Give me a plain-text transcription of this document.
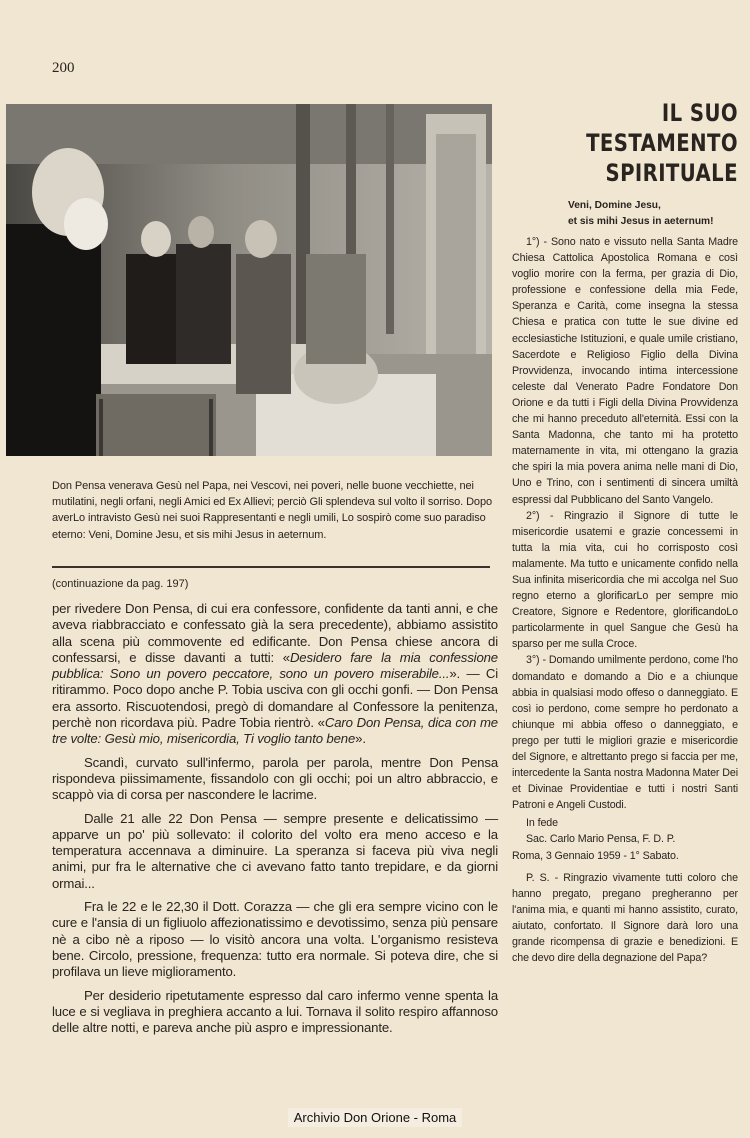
200
Don Pensa venerava Gesù nel Papa, nei Vescovi, nei poveri, nelle buone vecchiette, nei mutilatini, negli orfani, negli Amici ed Ex Allievi; perciò Gli splendeva sul volto il sorriso. Dopo averLo intravisto Gesù nei suoi Rappresentanti e negli umili, Lo sospirò come suo paradiso eterno: Veni, Domine Jesu, et sis mihi Jesus in aeternum.
(continuazione da pag. 197)

per rivedere Don Pensa, di cui era confessore, confidente da tanti anni, e che aveva riabbracciato e confessato già la sera precedente), abbiamo assistito alla scena più commovente ed edificante. Don Pensa chiese ancora di confessarsi, e disse davanti a tutti: «Desidero fare la mia confessione pubblica: Sono un povero peccatore, sono un povero miserabile...». — Ci ritirammo. Poco dopo anche P. Tobia usciva con gli occhi gonfi. — Don Pensa era assorto. Riscuotendosi, pregò di domandare al Confessore la penitenza, perchè non ricordava più. Padre Tobia rientrò. «Caro Don Pensa, dica con me tre volte: Gesù mio, misericordia, Ti voglio tanto bene».

Scandì, curvato sull'infermo, parola per parola, mentre Don Pensa rispondeva piissimamente, fissandolo con gli occhi; poi un altro abbraccio, e scappò via di corsa per nascondere le lacrime.

Dalle 21 alle 22 Don Pensa — sempre presente e delicatissimo — apparve un po' più sollevato: il colorito del volto era meno acceso e la temperatura accennava a diminuire. La speranza si faceva più viva negli animi, pur fra le alternative che ci avevano fatto tanto trepidare, e da giorni ormai...

Fra le 22 e le 22,30 il Dott. Corazza — che gli era sempre vicino con le cure e l'ansia di un figliuolo affezionatissimo e devotissimo, senza più pensare nè a cibo nè a riposo — lo visitò ancora una volta. L'organismo resisteva bene. Circolo, pressione, frequenza: tutto era normale. Si poteva dire, che si profilava un lieve miglioramento.

Per desiderio ripetutamente espresso dal caro infermo venne spenta la luce e si vegliava in preghiera accanto a lui. Tornava il solito respiro affannoso delle altre notti, e pareva anche più aspro e impressionante.

IL SUO TESTAMENTO
SPIRITUALE
Veni, Domine Jesu,
et sis mihi Jesus in aeternum!

1°) - Sono nato e vissuto nella Santa Madre Chiesa Cattolica Apostolica Romana e così voglio morire con la ferma, per grazia di Dio, professione e confessione della mia Fede, Speranza e Carità, come insegna la stessa Chiesa e pratica con tutte le sue divine ed ecclesiastiche Istituzioni, e quale umile cristiano, Sacerdote e Religioso Figlio della Divina Provvidenza, invocando intima intercessione celeste dal Venerato Padre Fondatore Don Orione e da tutti i Figli della Divina Provvidenza che mi hanno preceduto all'eternità. Essi con la Santa Madonna, che tanto mi ha protetto maternamente in vita, mi ottengano la grazia che spiri la mia povera anima nelle mani di Dio, Uno e Trino, con i sentimenti di sincera umiltà espressi dal Pubblicano del Santo Vangelo.

2°) - Ringrazio il Signore di tutte le misericordie usatemi e grazie concessemi in tutta la mia vita, cui ho corrisposto così malamente. Ma tutto e unicamente confido nella Sua infinita misericordia che mi accolga nel Suo regno eterno a glorificarLo per sempre mio Creatore, Signore e Redentore, glorificandoLo particolarmente in quel Sangue che Gesù ha sparso per me sulla Croce.

3°) - Domando umilmente perdono, come l'ho domandato e domando a Dio e a chiunque abbia in qualsiasi modo offeso o danneggiato. E così io perdono, come sempre ho perdonato a chiunque mi abbia offeso o danneggiato, e prego per tutti le migliori grazie e misericordie del Signore, e altrettanto prego si faccia per me, intercedente la Santa nostra Madonna Mater Dei et Divinae Providentiae e tutti i nostri Santi Patroni e Angeli Custodi.

In fede

Sac. Carlo Mario Pensa, F. D. P.

Roma, 3 Gennaio 1959 - 1° Sabato.

P. S. - Ringrazio vivamente tutti coloro che hanno pregato, pregano pregheranno per l'anima mia, e quanti mi hanno assistito, curato, aiutato, confortato. Il Signore darà loro una grande ricompensa di grazie e benedizioni. E che devo dire della degnazione del Papa?

Archivio Don Orione - Roma
